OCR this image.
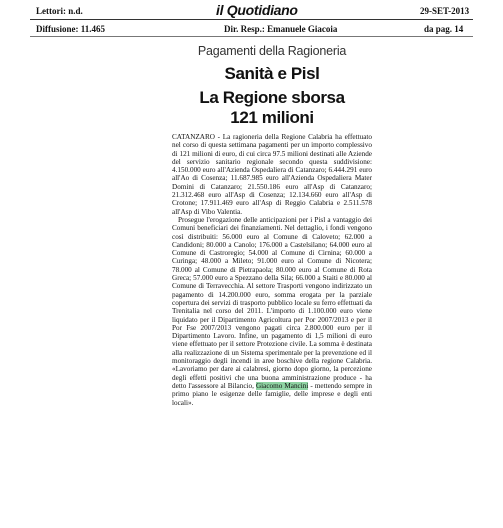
Lettori: n.d.
Diffusione: 11.465
il Quotidiano
Dir. Resp.: Emanuele Giacoia
29-SET-2013
da pag. 14

Pagamenti della Ragioneria

Sanità e Pisl

La Regione sborsa

121 milioni

CATANZARO - La ragioneria della Regione Calabria ha effettuato nel corso di questa settimana pagamenti per un importo complessivo di 121 milioni di euro, di cui circa 97.5 milioni destinati alle Aziende del servizio sanitario regionale secondo questa suddivisione: 4.150.000 euro all'Azienda Ospedaliera di Catanzaro; 6.444.291 euro all'Ao di Cosenza; 11.687.985 euro all'Azienda Ospedaliera Mater Domini di Catanzaro; 21.550.186 euro all'Asp di Catanzaro; 21.312.468 euro all'Asp di Cosenza; 12.134.660 euro all'Asp di Crotone; 17.911.469 euro all'Asp di Reggio Calabria e 2.511.578 all'Asp di Vibo Valentia.

Prosegue l'erogazione delle anticipazioni per i Pisl a vantaggio dei Comuni beneficiari dei finanziamenti. Nel dettaglio, i fondi vengono così distribuiti: 56.000 euro al Comune di Caloveto; 62.000 a Candidoni; 80.000 a Canolo; 176.000 a Castelsilano; 64.000 euro al Comune di Castroregio; 54.000 al Comune di Cirnina; 60.000 a Curinga; 48.000 a Mileto; 91.000 euro al Comune di Nicotera; 78.000 al Comune di Pietrapaola; 80.000 euro al Comune di Rota Greca; 57.000 euro a Spezzano della Sila; 66.000 a Staiti e 80.000 al Comune di Terravecchia. Al settore Trasporti vengono indirizzato un pagamento di 14.200.000 euro, somma erogata per la parziale copertura dei servizi di trasporto pubblico locale su ferro effettuati da Trenitalia nel corso del 2011. L'importo di 1.100.000 euro viene liquidato per il Dipartimento Agricoltura per Por 2007/2013 e per il Por Fse 2007/2013 vengono pagati circa 2.800.000 euro per il Dipartimento Lavoro. Infine, un pagamento di 1,5 milioni di euro viene effettuato per il settore Protezione civile. La somma è destinata alla realizzazione di un Sistema sperimentale per la prevenzione ed il monitoraggio degli incendi in aree boschive della regione Calabria. «Lavoriamo per dare ai calabresi, giorno dopo giorno, la percezione degli effetti positivi che una buona amministrazione produce - ha detto l'assessore al Bilancio, Giacomo Mancini - mettendo sempre in primo piano le esigenze delle famiglie, delle imprese e degli enti locali».
